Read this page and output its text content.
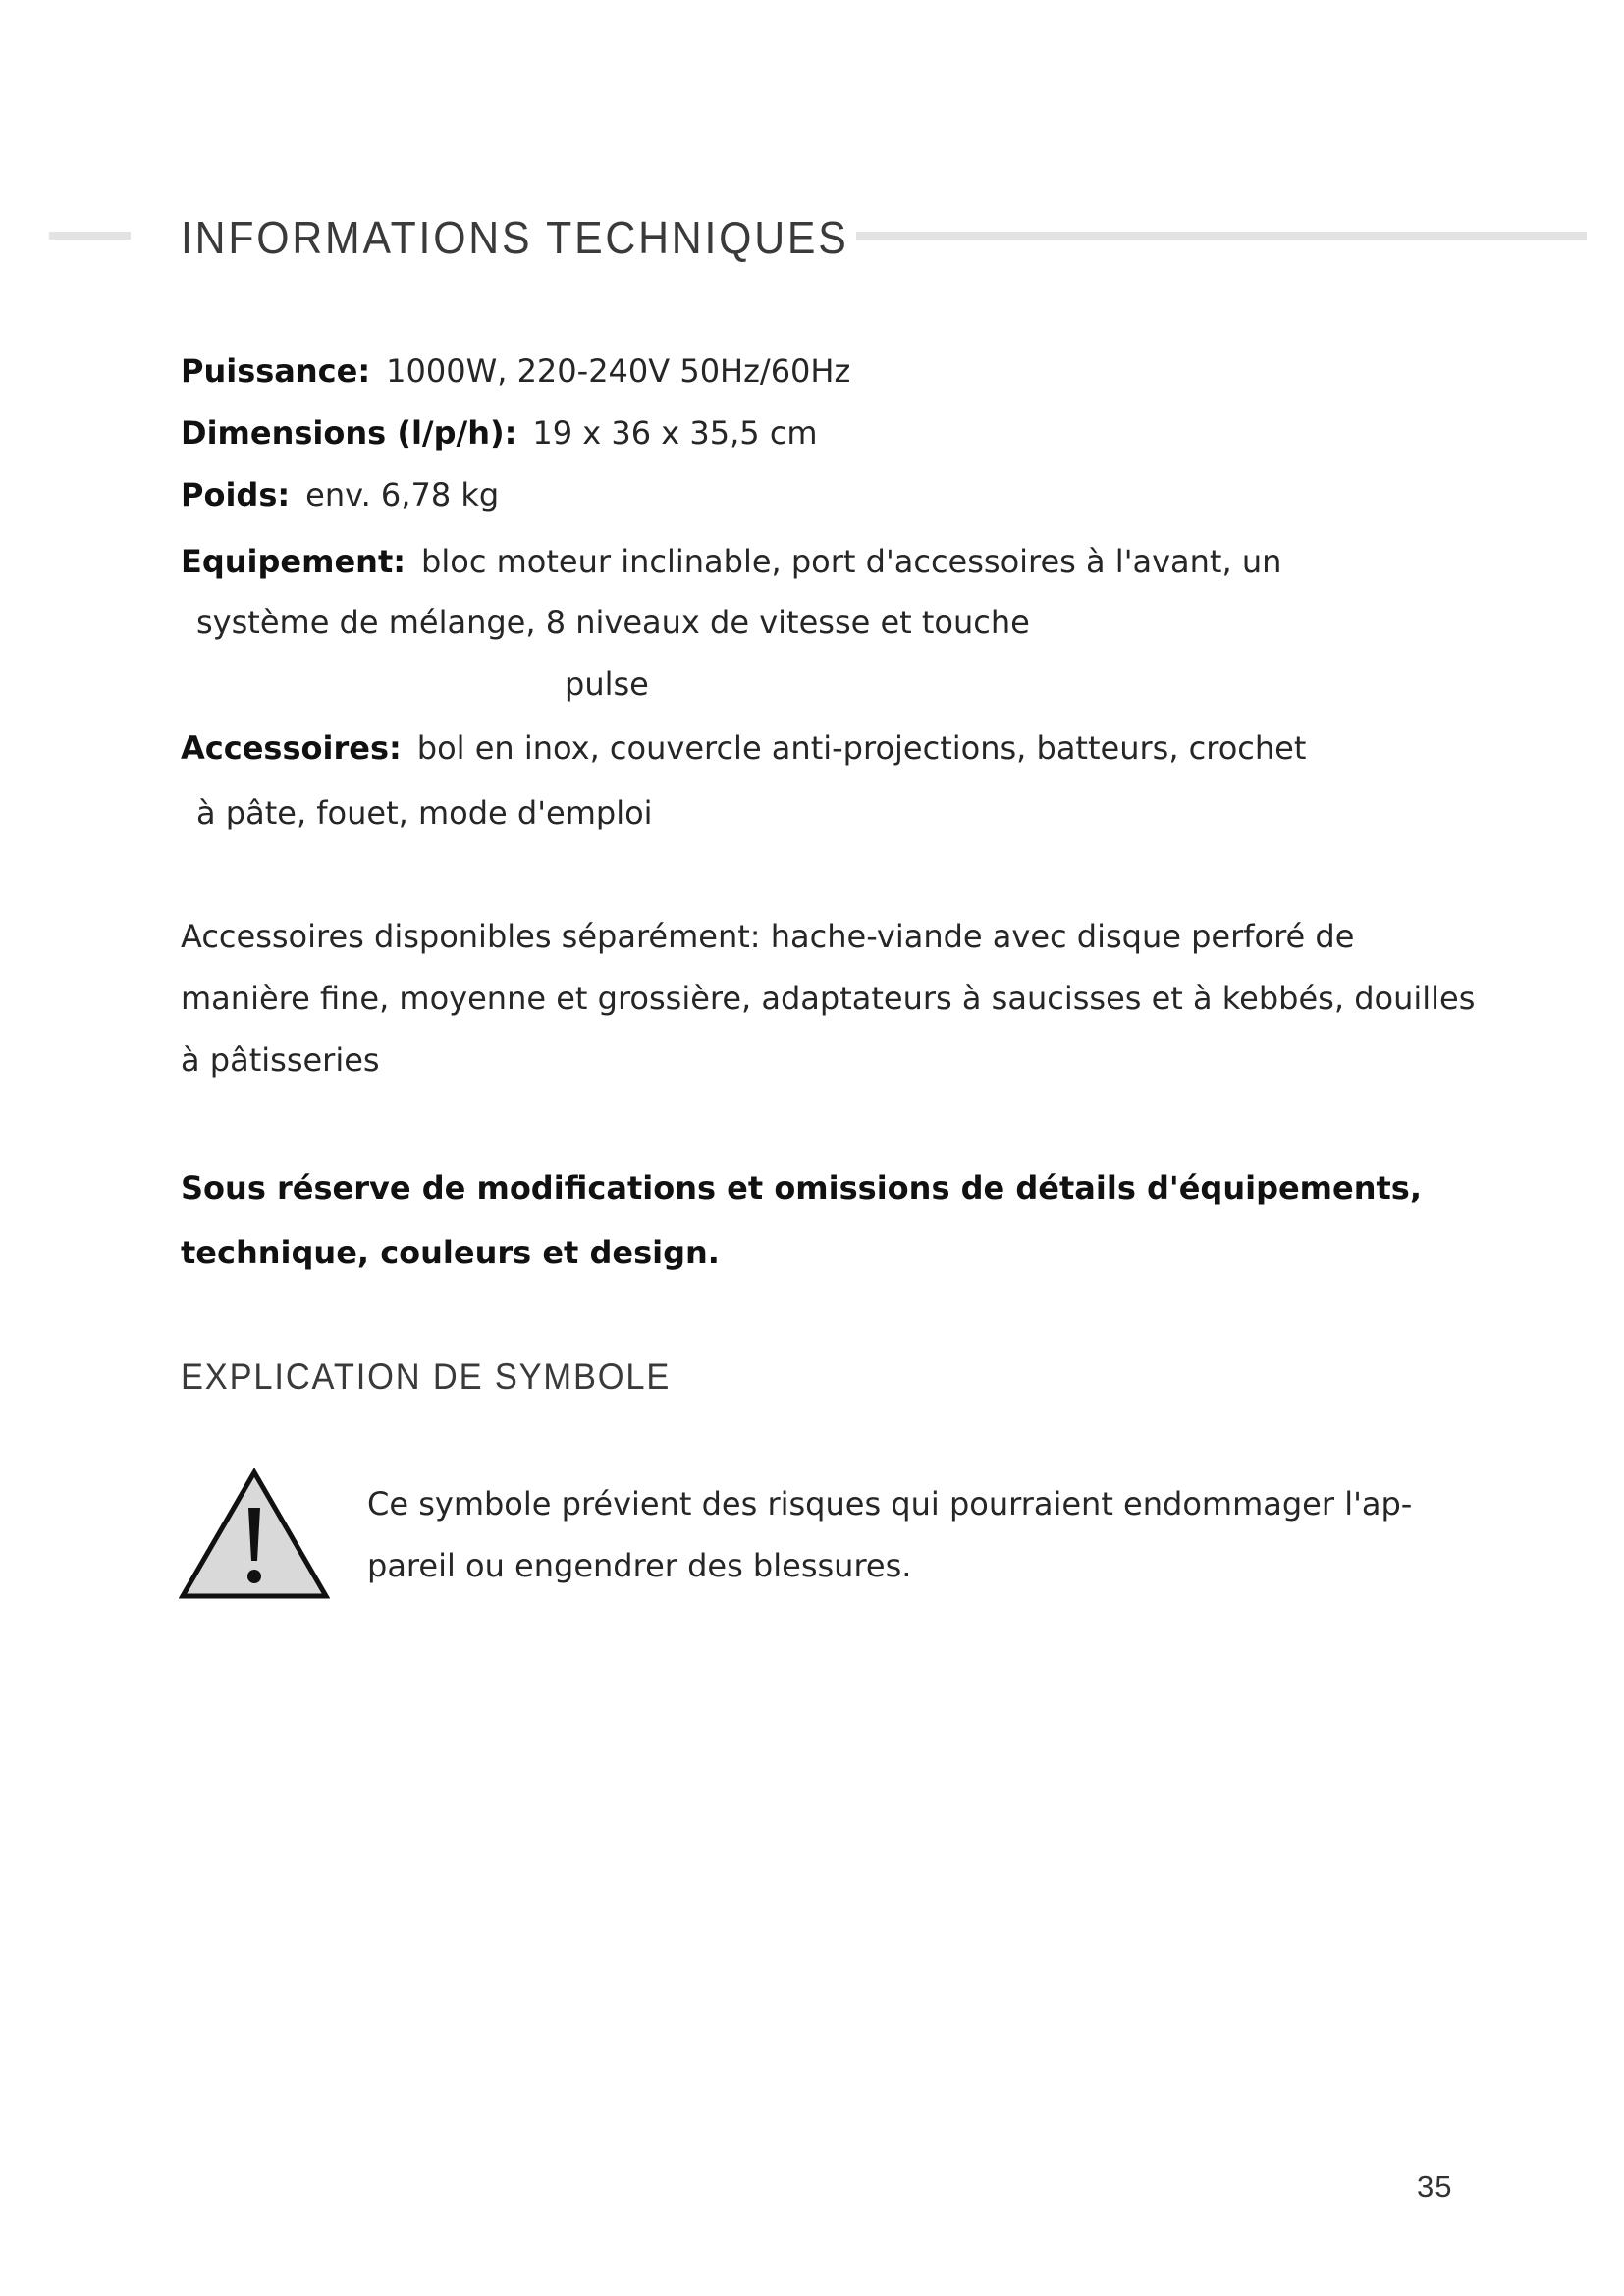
INFORMATIONS TECHNIQUES
Puissance: 1000W, 220-240V 50Hz/60Hz
Dimensions (l/p/h): 19 x 36 x 35,5 cm
Poids: env. 6,78 kg
Equipement: bloc moteur inclinable, port d'accessoires à l'avant, un
système de mélange, 8 niveaux de vitesse et touche
pulse
Accessoires: bol en inox, couvercle anti-projections, batteurs, crochet
à pâte, fouet, mode d'emploi
Accessoires disponibles séparément: hache-viande avec disque perforé de
manière fine, moyenne et grossière, adaptateurs à saucisses et à kebbés, douilles
à pâtisseries
Sous réserve de modifications et omissions de détails d'équipements,
technique, couleurs et design.
EXPLICATION DE SYMBOLE
Ce symbole prévient des risques qui pourraient endommager l'ap-
pareil ou engendrer des blessures.
35
